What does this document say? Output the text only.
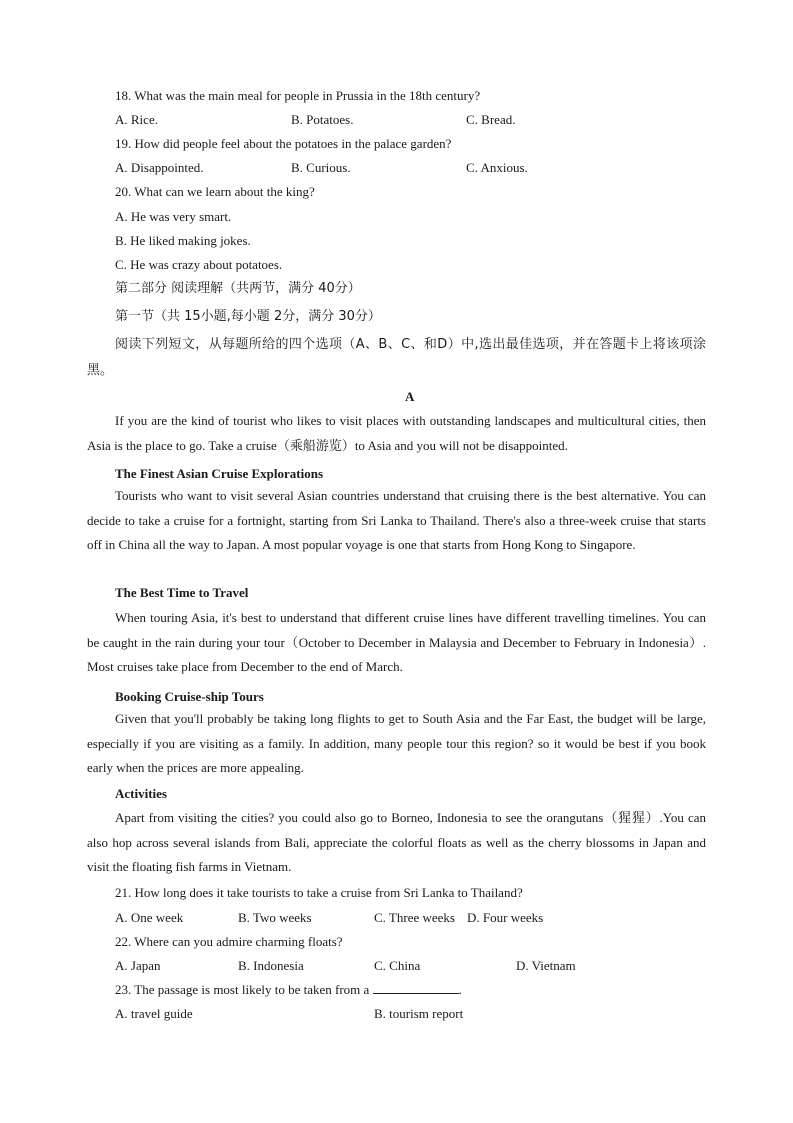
18. What was the main meal for people in Prussia in the 18th century?
A. Rice.	B. Potatoes.	C. Bread.
19. How did people feel about the potatoes in the palace garden?
A. Disappointed.	B. Curious.	C. Anxious.
20. What can we learn about the king?
A. He was very smart.
B. He liked making jokes.
C. He was crazy about potatoes.
第二部分 阅读理解（共两节，满分 40分）
第一节（共 15小题,每小题 2分，满分 30分）
阅读下列短文，从每题所给的四个选项（A、B、C、和D）中,选出最佳选项，并在答题卡上将该项涂黑。
A
If you are the kind of tourist who likes to visit places with outstanding landscapes and multicultural cities, then Asia is the place to go. Take a cruise（乘船游览）to Asia and you will not be disappointed.
The Finest Asian Cruise Explorations
Tourists who want to visit several Asian countries understand that cruising there is the best alternative. You can decide to take a cruise for a fortnight, starting from Sri Lanka to Thailand. There's also a three-week cruise that starts off in China all the way to Japan. A most popular voyage is one that starts from Hong Kong to Singapore.
The Best Time to Travel
When touring Asia, it's best to understand that different cruise lines have different travelling timelines. You can be caught in the rain during your tour（October to December in Malaysia and December to February in Indonesia）. Most cruises take place from December to the end of March.
Booking Cruise-ship Tours
Given that you'll probably be taking long flights to get to South Asia and the Far East, the budget will be large, especially if you are visiting as a family. In addition, many people tour this region? so it would be best if you book early when the prices are more appealing.
Activities
Apart from visiting the cities? you could also go to Borneo, Indonesia to see the orangutans（猩猩）.You can also hop across several islands from Bali, appreciate the colorful floats as well as the cherry blossoms in Japan and visit the floating fish farms in Vietnam.
21. How long does it take tourists to take a cruise from Sri Lanka to Thailand?
A. One week	B. Two weeks	C. Three weeks D. Four weeks
22. Where can you admire charming floats?
A. Japan	B. Indonesia	C. China	D. Vietnam
23. The passage is most likely to be taken from a	.
A. travel guide	B. tourism report
